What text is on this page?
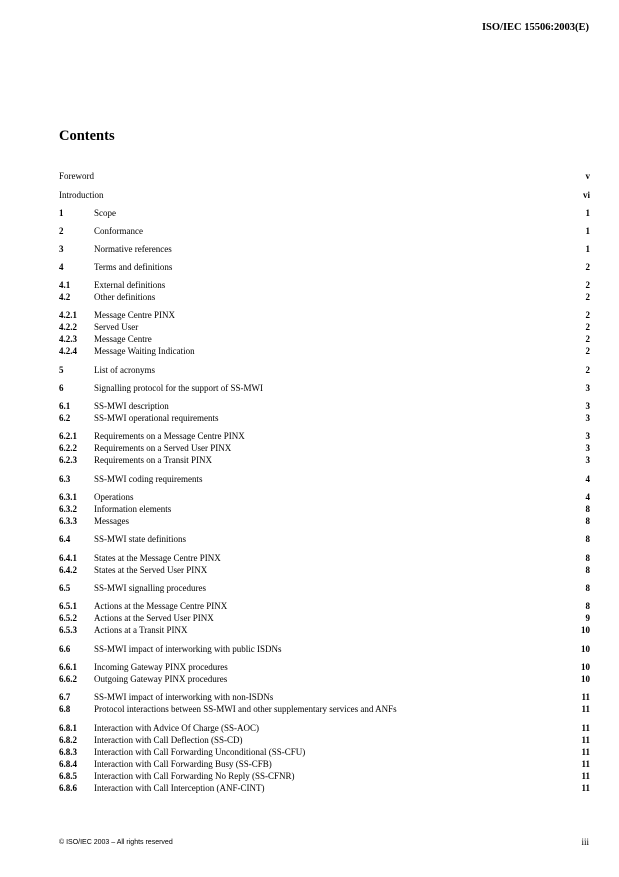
ISO/IEC 15506:2003(E)
Contents
Foreword	v
Introduction	vi
1	Scope	1
2	Conformance	1
3	Normative references	1
4	Terms and definitions	2
4.1	External definitions	2
4.2	Other definitions	2
4.2.1	Message Centre PINX	2
4.2.2	Served User	2
4.2.3	Message Centre	2
4.2.4	Message Waiting Indication	2
5	List of acronyms	2
6	Signalling protocol for the support of SS-MWI	3
6.1	SS-MWI description	3
6.2	SS-MWI operational requirements	3
6.2.1	Requirements on a Message Centre PINX	3
6.2.2	Requirements on a Served User PINX	3
6.2.3	Requirements on a Transit PINX	3
6.3	SS-MWI coding requirements	4
6.3.1	Operations	4
6.3.2	Information elements	8
6.3.3	Messages	8
6.4	SS-MWI state definitions	8
6.4.1	States at the Message Centre PINX	8
6.4.2	States at the Served User PINX	8
6.5	SS-MWI signalling procedures	8
6.5.1	Actions at the Message Centre PINX	8
6.5.2	Actions at the Served User PINX	9
6.5.3	Actions at a Transit PINX	10
6.6	SS-MWI impact of interworking with public ISDNs	10
6.6.1	Incoming Gateway PINX procedures	10
6.6.2	Outgoing Gateway PINX procedures	10
6.7	SS-MWI impact of interworking with non-ISDNs	11
6.8	Protocol interactions between SS-MWI and other supplementary services and ANFs	11
6.8.1	Interaction with Advice Of Charge (SS-AOC)	11
6.8.2	Interaction with Call Deflection (SS-CD)	11
6.8.3	Interaction with Call Forwarding Unconditional (SS-CFU)	11
6.8.4	Interaction with Call Forwarding Busy (SS-CFB)	11
6.8.5	Interaction with Call Forwarding No Reply (SS-CFNR)	11
6.8.6	Interaction with Call Interception (ANF-CINT)	11
© ISO/IEC 2003 – All rights reserved	iii
